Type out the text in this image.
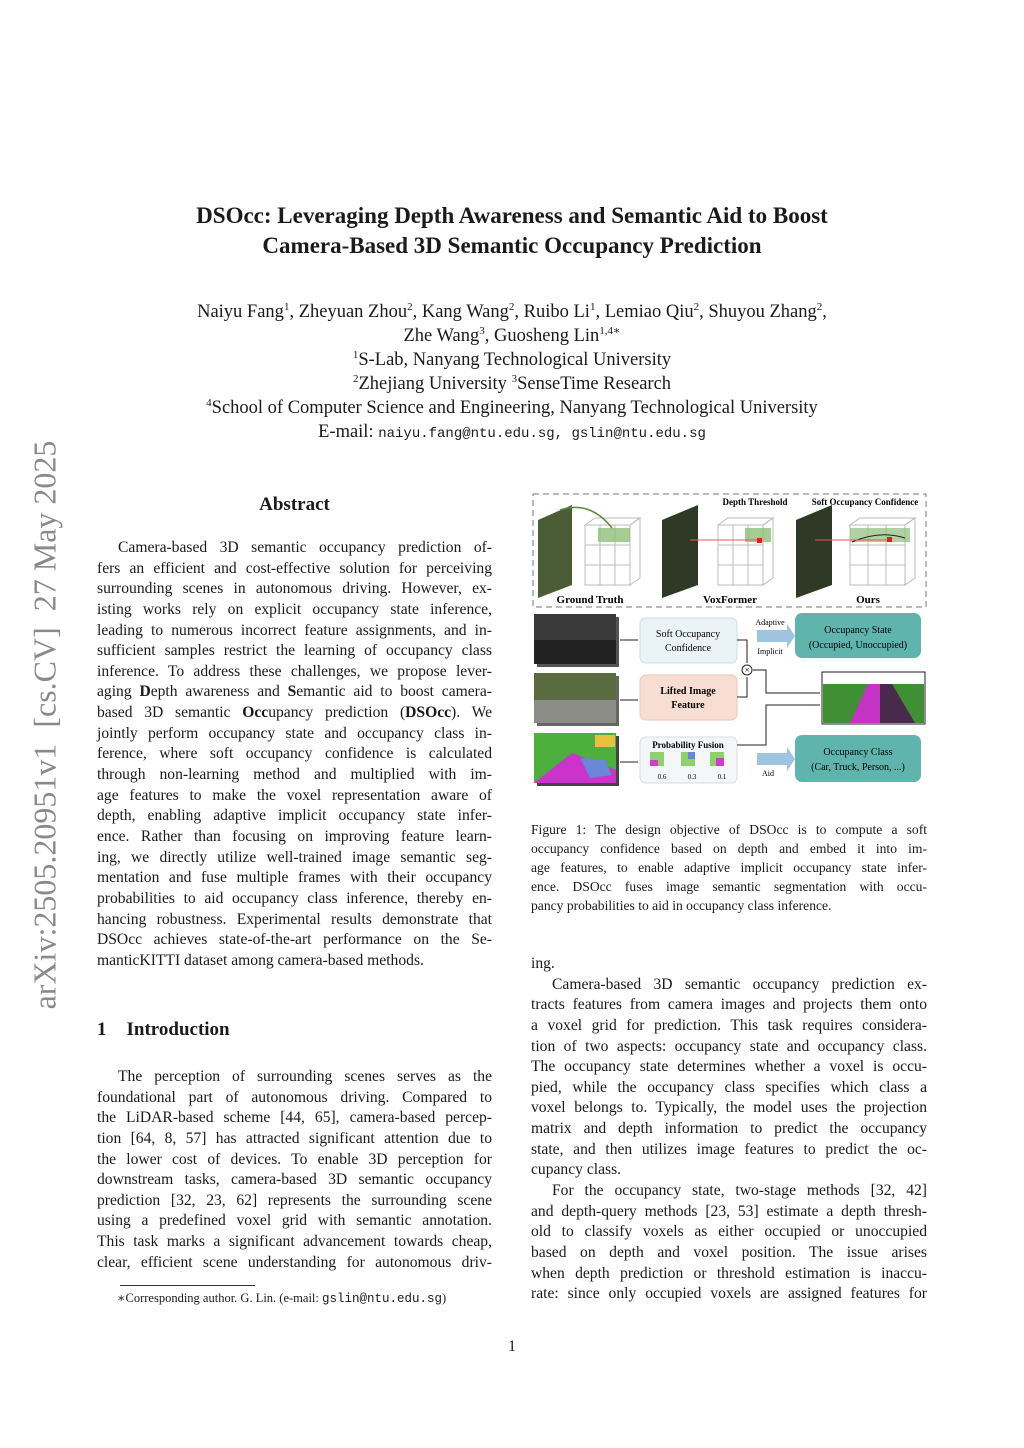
arXiv:2505.20951v1  [cs.CV]  27 May 2025
DSOcc: Leveraging Depth Awareness and Semantic Aid to Boost
Camera-Based 3D Semantic Occupancy Prediction
Naiyu Fang$^1$, Zheyuan Zhou$^2$, Kang Wang$^2$, Ruibo Li$^1$, Lemiao Qiu$^2$, Shuyou Zhang$^2$,
Zhe Wang$^3$, Guosheng Lin$^{1,4∗}$
$^1$S-Lab, Nanyang Technological University
$^2$Zhejiang University $^3$SenseTime Research
$^4$School of Computer Science and Engineering, Nanyang Technological University
E-mail: naiyu.fang@ntu.edu.sg, gslin@ntu.edu.sg
Abstract
Camera-based 3D semantic occupancy prediction of-
fers an efficient and cost-effective solution for perceiving
surrounding scenes in autonomous driving. However, ex-
isting works rely on explicit occupancy state inference,
leading to numerous incorrect feature assignments, and in-
sufficient samples restrict the learning of occupancy class
inference. To address these challenges, we propose lever-
aging Depth awareness and Semantic aid to boost camera-
based 3D semantic Occupancy prediction (DSOcc). We
jointly perform occupancy state and occupancy class in-
ference, where soft occupancy confidence is calculated
through non-learning method and multiplied with im-
age features to make the voxel representation aware of
depth, enabling adaptive implicit occupancy state infer-
ence. Rather than focusing on improving feature learn-
ing, we directly utilize well-trained image semantic seg-
mentation and fuse multiple frames with their occupancy
probabilities to aid occupancy class inference, thereby en-
hancing robustness. Experimental results demonstrate that
DSOcc achieves state-of-the-art performance on the Se-
manticKITTI dataset among camera-based methods.
1 Introduction
The perception of surrounding scenes serves as the
foundational part of autonomous driving. Compared to
the LiDAR-based scheme [44, 65], camera-based percep-
tion [64, 8, 57] has attracted significant attention due to
the lower cost of devices. To enable 3D perception for
downstream tasks, camera-based 3D semantic occupancy
prediction [32, 23, 62] represents the surrounding scene
using a predefined voxel grid with semantic annotation.
This task marks a significant advancement towards cheap,
clear, efficient scene understanding for autonomous driv-
∗Corresponding author. G. Lin. (e-mail: gslin@ntu.edu.sg)
Depth Threshold	Soft Occupancy Confidence
Ground Truth	VoxFormer	Ours
Soft Occupancy
Confidence
Lifted Image
Feature
Probability Fusion
0.6	0.3	0.1
×
Adaptive
Implicit
Aid
Occupancy State
(Occupied, Unoccupied)
Occupancy Class
(Car, Truck, Person, ...)
Figure 1: The design objective of DSOcc is to compute a soft
occupancy confidence based on depth and embed it into im-
age features, to enable adaptive implicit occupancy state infer-
ence. DSOcc fuses image semantic segmentation with occu-
pancy probabilities to aid in occupancy class inference.
ing.
Camera-based 3D semantic occupancy prediction ex-
tracts features from camera images and projects them onto
a voxel grid for prediction. This task requires considera-
tion of two aspects: occupancy state and occupancy class.
The occupancy state determines whether a voxel is occu-
pied, while the occupancy class specifies which class a
voxel belongs to. Typically, the model uses the projection
matrix and depth information to predict the occupancy
state, and then utilizes image features to predict the oc-
cupancy class.
For the occupancy state, two-stage methods [32, 42]
and depth-query methods [23, 53] estimate a depth thresh-
old to classify voxels as either occupied or unoccupied
based on depth and voxel position. The issue arises
when depth prediction or threshold estimation is inaccu-
rate: since only occupied voxels are assigned features for
1
